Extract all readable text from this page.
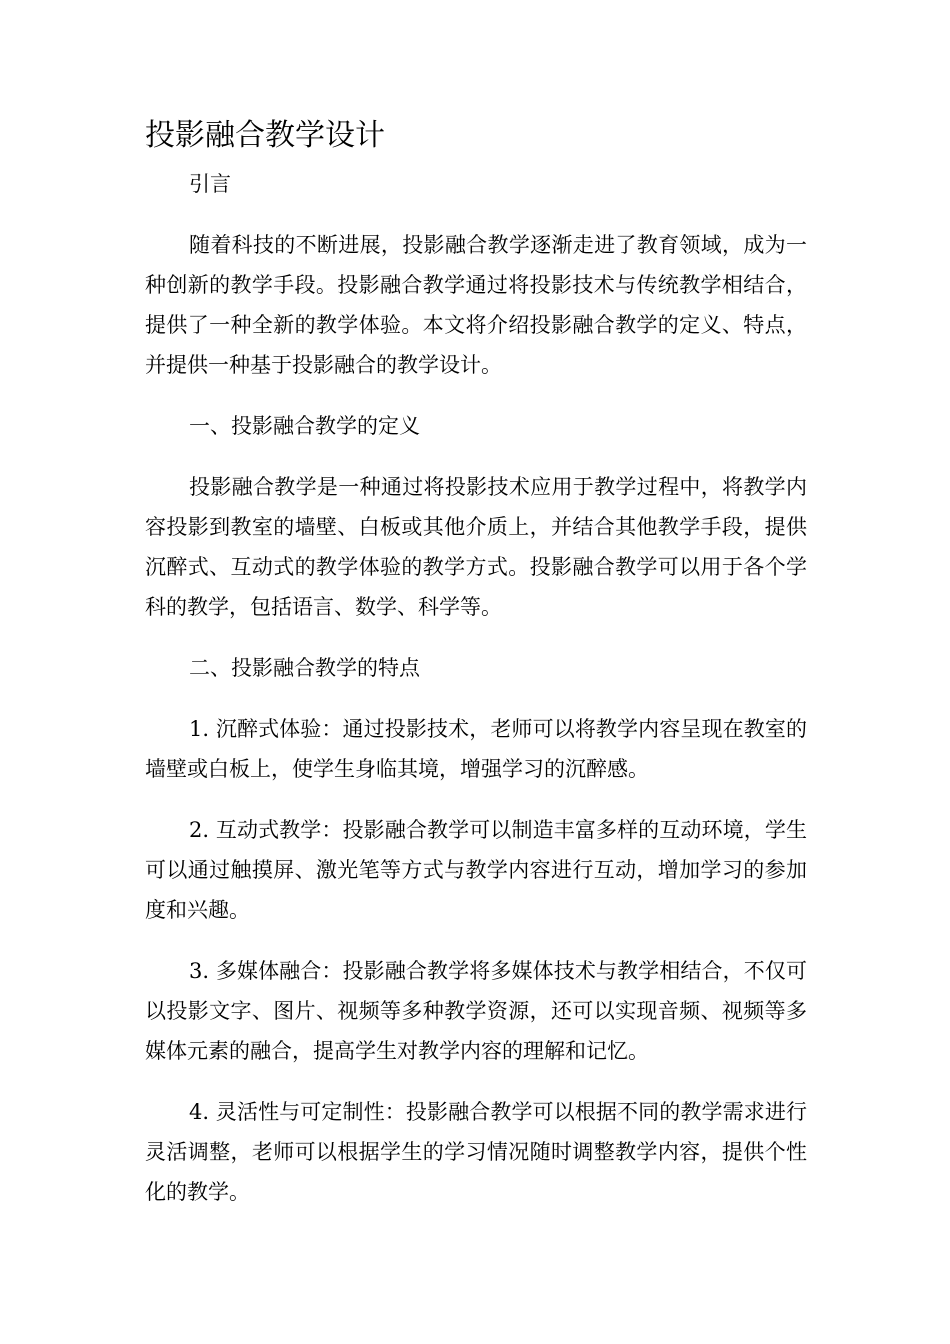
投影融合教学设计

引言

随着科技的不断进展，投影融合教学逐渐走进了教育领域，成为一种创新的教学手段。投影融合教学通过将投影技术与传统教学相结合，提供了一种全新的教学体验。本文将介绍投影融合教学的定义、特点，并提供一种基于投影融合的教学设计。

一、投影融合教学的定义

投影融合教学是一种通过将投影技术应用于教学过程中，将教学内容投影到教室的墙壁、白板或其他介质上，并结合其他教学手段，提供沉醉式、互动式的教学体验的教学方式。投影融合教学可以用于各个学科的教学，包括语言、数学、科学等。

二、投影融合教学的特点

1. 沉醉式体验：通过投影技术，老师可以将教学内容呈现在教室的墙壁或白板上，使学生身临其境，增强学习的沉醉感。

2. 互动式教学：投影融合教学可以制造丰富多样的互动环境，学生可以通过触摸屏、激光笔等方式与教学内容进行互动，增加学习的参加度和兴趣。

3. 多媒体融合：投影融合教学将多媒体技术与教学相结合，不仅可以投影文字、图片、视频等多种教学资源，还可以实现音频、视频等多媒体元素的融合，提高学生对教学内容的理解和记忆。

4. 灵活性与可定制性：投影融合教学可以根据不同的教学需求进行灵活调整，老师可以根据学生的学习情况随时调整教学内容，提供个性化的教学。
